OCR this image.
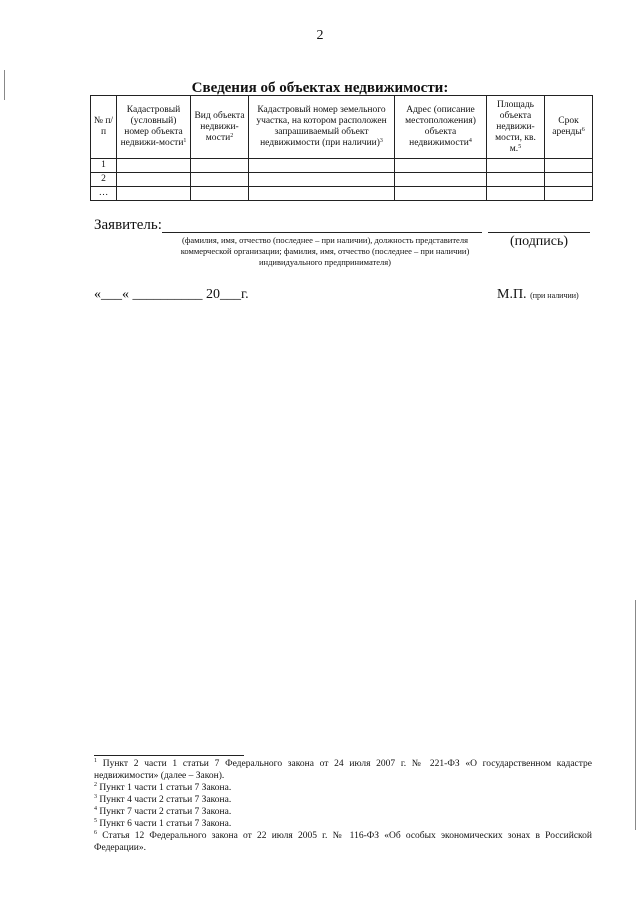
2
Сведения об объектах недвижимости:
№ п/п	Кадастровый (условный) номер объекта недвижи-мости$^1$	Вид объекта недвижи-мости$^2$	Кадастровый номер земельного участка, на котором расположен запрашиваемый объект недвижимости (при наличии)$^3$	Адрес (описание местоположения) объекта недвижимости$^4$	Площадь объекта недвижи-мости, кв. м.$^5$	Срок аренды$^6$
1						
2						
…						
Заявитель:
(фамилия, имя, отчество (последнее – при наличии), должность представителя коммерческой организации; фамилия, имя, отчество (последнее – при наличии) индивидуального предпринимателя)
(подпись)
«___« __________ 20___г.	М.П. (при наличии)

$^1$ Пункт 2 части 1 статьи 7 Федерального закона от 24 июля 2007 г. № 221-ФЗ «О государственном кадастре недвижимости» (далее – Закон).

$^2$ Пункт 1 части 1 статьи 7 Закона.

$^3$ Пункт 4 части 2 статьи 7 Закона.

$^4$ Пункт 7 части 2 статьи 7 Закона.

$^5$ Пункт 6 части 1 статьи 7 Закона.

$^6$ Статья 12 Федерального закона от 22 июля 2005 г. № 116-ФЗ «Об особых экономических зонах в Российской Федерации».
